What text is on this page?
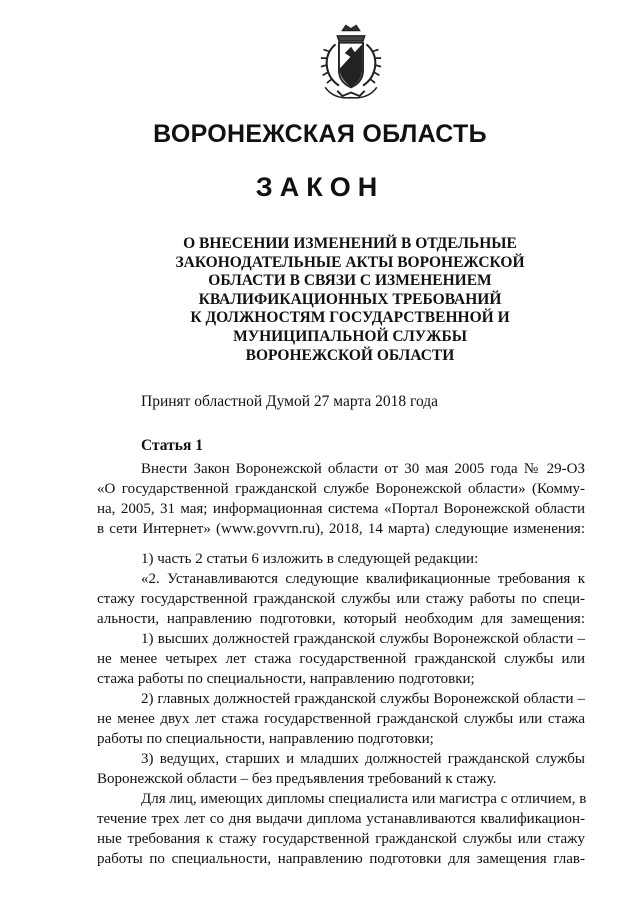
ВОРОНЕЖСКАЯ ОБЛАСТЬ
ЗАКОН
О ВНЕСЕНИИ ИЗМЕНЕНИЙ В ОТДЕЛЬНЫЕ
ЗАКОНОДАТЕЛЬНЫЕ АКТЫ ВОРОНЕЖСКОЙ
ОБЛАСТИ В СВЯЗИ С ИЗМЕНЕНИЕМ
КВАЛИФИКАЦИОННЫХ ТРЕБОВАНИЙ
К ДОЛЖНОСТЯМ ГОСУДАРСТВЕННОЙ И
МУНИЦИПАЛЬНОЙ СЛУЖБЫ
ВОРОНЕЖСКОЙ ОБЛАСТИ
Принят областной Думой 27 марта 2018 года
Статья 1
Внести Закон Воронежской области от 30 мая 2005 года № 29-ОЗ
«О государственной гражданской службе Воронежской области» (Комму-
на, 2005, 31 мая; информационная система «Портал Воронежской области
в сети Интернет» (www.govvrn.ru), 2018, 14 марта) следующие изменения:
1) часть 2 статьи 6 изложить в следующей редакции:
«2. Устанавливаются следующие квалификационные требования к
стажу государственной гражданской службы или стажу работы по специ-
альности, направлению подготовки, который необходим для замещения:
1) высших должностей гражданской службы Воронежской области –
не менее четырех лет стажа государственной гражданской службы или
стажа работы по специальности, направлению подготовки;
2) главных должностей гражданской службы Воронежской области –
не менее двух лет стажа государственной гражданской службы или стажа
работы по специальности, направлению подготовки;
3) ведущих, старших и младших должностей гражданской службы
Воронежской области – без предъявления требований к стажу.
Для лиц, имеющих дипломы специалиста или магистра с отличием, в
течение трех лет со дня выдачи диплома устанавливаются квалификацион-
ные требования к стажу государственной гражданской службы или стажу
работы по специальности, направлению подготовки для замещения глав-
